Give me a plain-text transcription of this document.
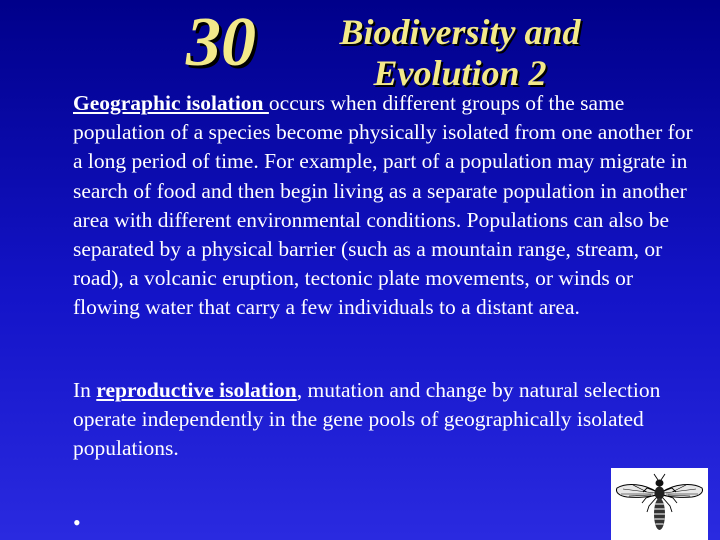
30 Biodiversity and
Evolution 2
Geographic isolation occurs when different groups of the same population of a species become physically isolated from one another for a long period of time. For example, part of a population may migrate in search of food and then begin living as a separate population in another area with different environmental conditions. Populations can also be separated by a physical barrier (such as a mountain range, stream, or road), a volcanic eruption, tectonic plate movements, or winds or flowing water that carry a few individuals to a distant area.
In reproductive isolation, mutation and change by natural selection operate independently in the gene pools of geographically isolated populations.
•
